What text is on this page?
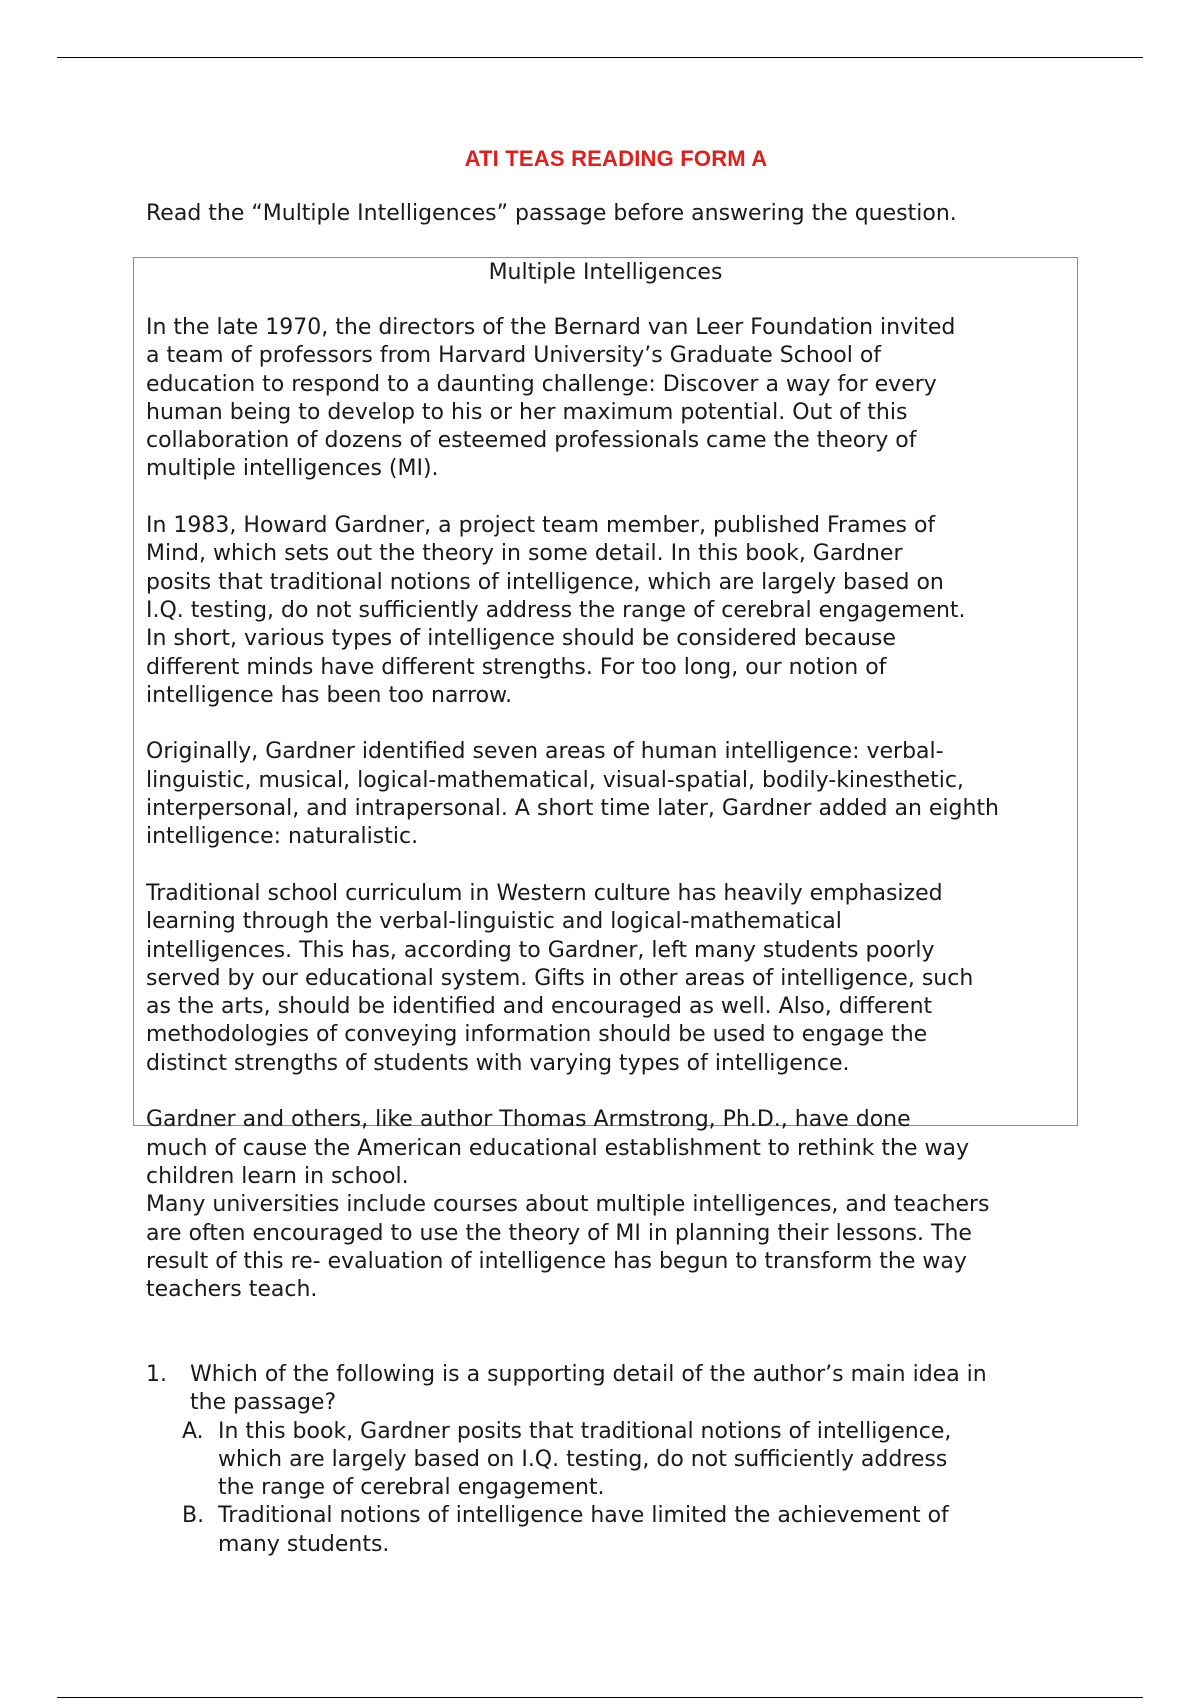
ATI TEAS READING FORM A
Read the “Multiple Intelligences” passage before answering the question.
Multiple Intelligences

In the late 1970, the directors of the Bernard van Leer Foundation invited
a team of professors from Harvard University’s Graduate School of
education to respond to a daunting challenge: Discover a way for every
human being to develop to his or her maximum potential. Out of this
collaboration of dozens of esteemed professionals came the theory of
multiple intelligences (MI).

In 1983, Howard Gardner, a project team member, published Frames of
Mind, which sets out the theory in some detail. In this book, Gardner
posits that traditional notions of intelligence, which are largely based on
I.Q. testing, do not sufficiently address the range of cerebral engagement.
In short, various types of intelligence should be considered because
different minds have different strengths. For too long, our notion of
intelligence has been too narrow.

Originally, Gardner identified seven areas of human intelligence: verbal-
linguistic, musical, logical-mathematical, visual-spatial, bodily-kinesthetic,
interpersonal, and intrapersonal. A short time later, Gardner added an eighth
intelligence: naturalistic.

Traditional school curriculum in Western culture has heavily emphasized
learning through the verbal-linguistic and logical-mathematical
intelligences. This has, according to Gardner, left many students poorly
served by our educational system. Gifts in other areas of intelligence, such
as the arts, should be identified and encouraged as well. Also, different
methodologies of conveying information should be used to engage the
distinct strengths of students with varying types of intelligence.

Gardner and others, like author Thomas Armstrong, Ph.D., have done
much of cause the American educational establishment to rethink the way
children learn in school.

Many universities include courses about multiple intelligences, and teachers
are often encouraged to use the theory of MI in planning their lessons. The
result of this re- evaluation of intelligence has begun to transform the way
teachers teach.

1.	Which of the following is a supporting detail of the author’s main idea in
the passage?
A. In this book, Gardner posits that traditional notions of intelligence,
which are largely based on I.Q. testing, do not sufficiently address
the range of cerebral engagement.
B. Traditional notions of intelligence have limited the achievement of
many students.
